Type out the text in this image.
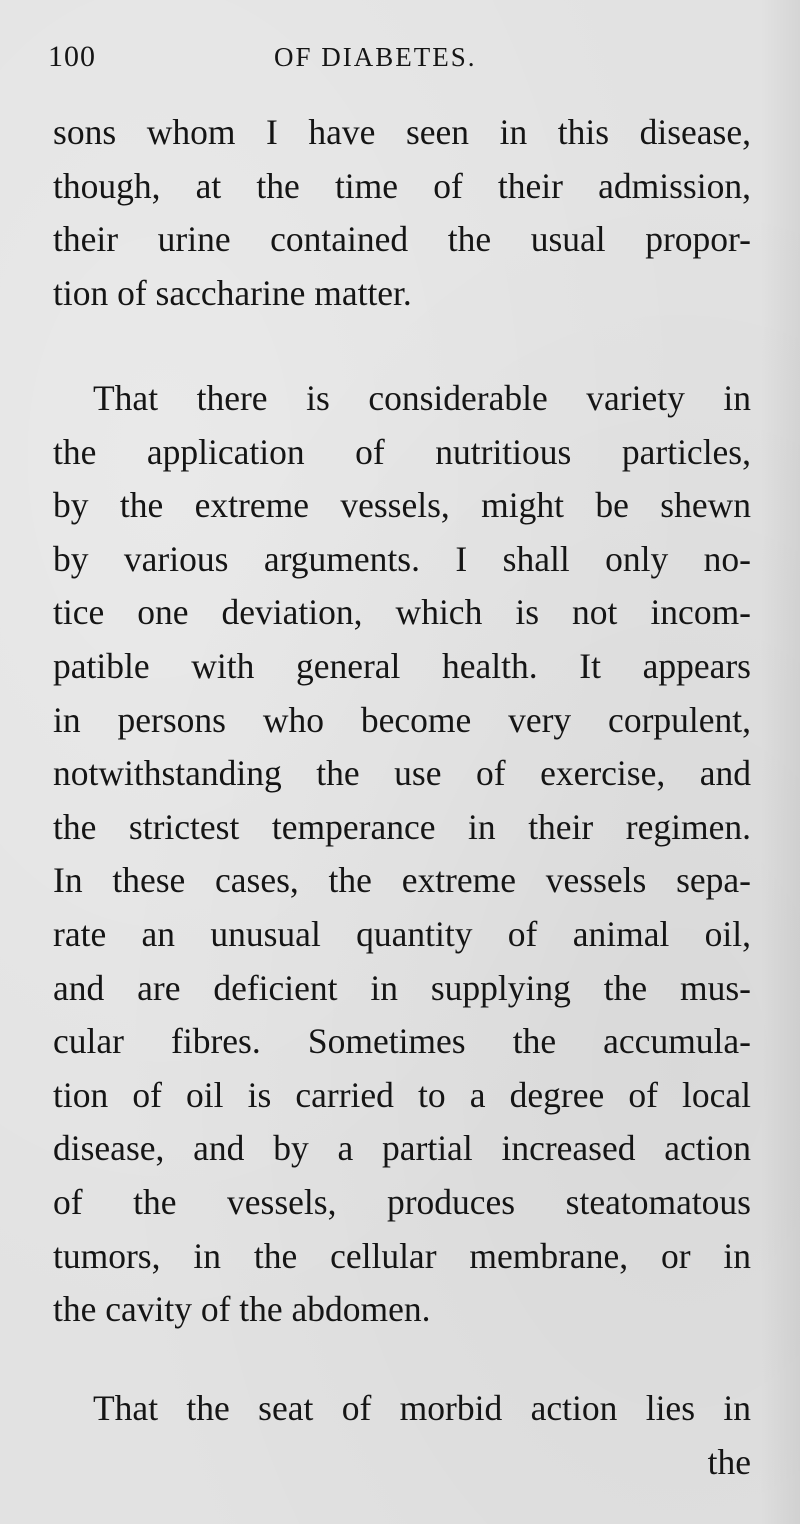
100	OF DIABETES.
sons whom I have seen in this disease,
though, at the time of their admission,
their urine contained the usual propor-
tion of saccharine matter.
That there is considerable variety in
the application of nutritious particles,
by the extreme vessels, might be shewn
by various arguments. I shall only no-
tice one deviation, which is not incom-
patible with general health. It appears
in persons who become very corpulent,
notwithstanding the use of exercise, and
the strictest temperance in their regimen.
In these cases, the extreme vessels sepa-
rate an unusual quantity of animal oil,
and are deficient in supplying the mus-
cular fibres. Sometimes the accumula-
tion of oil is carried to a degree of local
disease, and by a partial increased action
of the vessels, produces steatomatous
tumors, in the cellular membrane, or in
the cavity of the abdomen.
That the seat of morbid action lies in
the
